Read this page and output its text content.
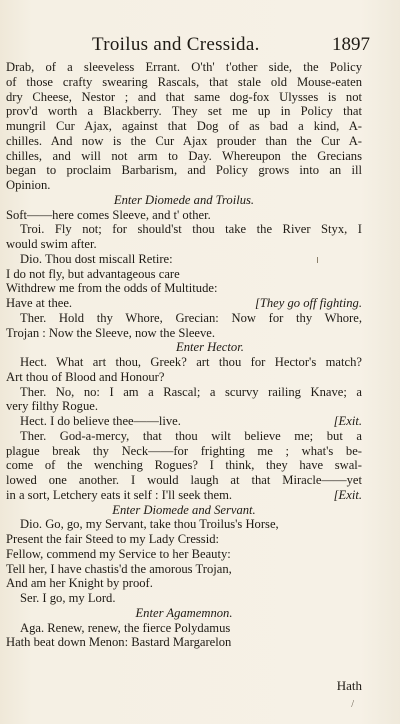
Troilus and Cressida.	1897
Drab, of a sleeveless Errant. O'th' t'other side, the Policy
of those crafty swearing Rascals, that stale old Mouse-eaten
dry Cheese, Nestor ; and that same dog-fox Ulysses is not
prov'd worth a Blackberry. They set me up in Policy that
mungril Cur Ajax, against that Dog of as bad a kind, A-
chilles. And now is the Cur Ajax prouder than the Cur A-
chilles, and will not arm to Day. Whereupon the Grecians
began to proclaim Barbarism, and Policy grows into an ill
Opinion.
Enter Diomede and Troilus.
Soft——here comes Sleeve, and t' other.
Troi. Fly not; for should'st thou take the River Styx, I
would swim after.
Dio. Thou dost miscall Retire:
I do not fly, but advantageous care
Withdrew me from the odds of Multitude:
Have at thee.	[They go off fighting.
Ther. Hold thy Whore, Grecian: Now for thy Whore,
Trojan : Now the Sleeve, now the Sleeve.
Enter Hector.
Hect. What art thou, Greek? art thou for Hector's match?
Art thou of Blood and Honour?
Ther. No, no: I am a Rascal; a scurvy railing Knave; a
very filthy Rogue.
Hect. I do believe thee——live.	[Exit.
Ther. God-a-mercy, that thou wilt believe me; but a
plague break thy Neck——for frighting me ; what's be-
come of the wenching Rogues? I think, they have swal-
lowed one another. I would laugh at that Miracle——yet
in a sort, Letchery eats it self : I'll seek them.	[Exit.
Enter Diomede and Servant.
Dio. Go, go, my Servant, take thou Troilus's Horse,
Present the fair Steed to my Lady Cressid:
Fellow, commend my Service to her Beauty:
Tell her, I have chastis'd the amorous Trojan,
And am her Knight by proof.
Ser. I go, my Lord.
Enter Agamemnon.
Aga. Renew, renew, the fierce Polydamus
Hath beat down Menon: Bastard Margarelon
Hath
/
